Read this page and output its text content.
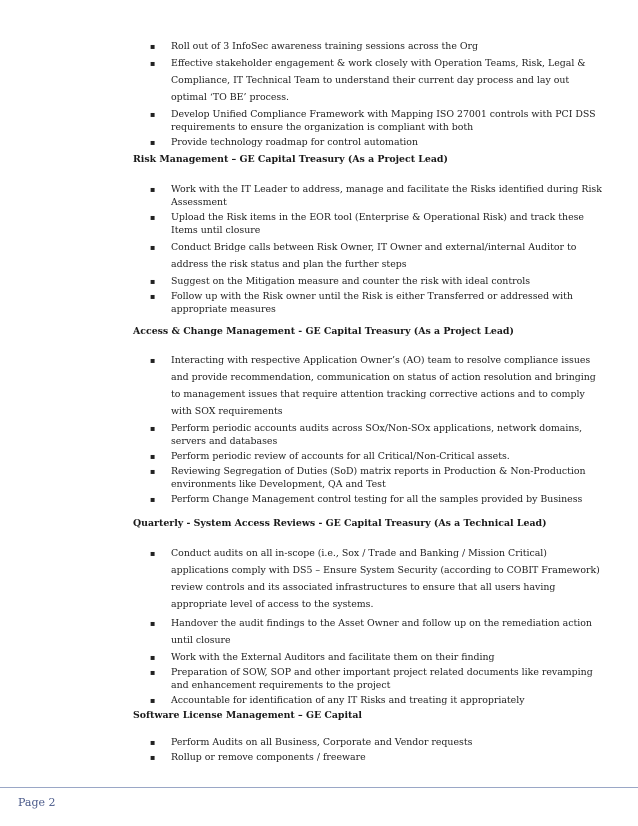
▪ Roll out of 3 InfoSec awareness training sessions across the Org
▪ Effective stakeholder engagement & work closely with Operation Teams, Risk, Legal & Compliance, IT Technical Team to understand their current day process and lay out optimal ‘TO BE’ process.
▪ Develop Unified Compliance Framework with Mapping ISO 27001 controls with PCI DSS requirements to ensure the organization is compliant with both
▪ Provide technology roadmap for control automation
Risk Management – GE Capital Treasury (As a Project Lead)
▪ Work with the IT Leader to address, manage and facilitate the Risks identified during Risk Assessment
▪ Upload the Risk items in the EOR tool (Enterprise & Operational Risk) and track these Items until closure
▪ Conduct Bridge calls between Risk Owner, IT Owner and external/internal Auditor to address the risk status and plan the further steps
▪ Suggest on the Mitigation measure and counter the risk with ideal controls
▪ Follow up with the Risk owner until the Risk is either Transferred or addressed with appropriate measures
Access & Change Management - GE Capital Treasury (As a Project Lead)
▪ Interacting with respective Application Owner’s (AO) team to resolve compliance issues and provide recommendation, communication on status of action resolution and bringing to management issues that require attention tracking corrective actions and to comply with SOX requirements
▪ Perform periodic accounts audits across SOx/Non-SOx applications, network domains, servers and databases
▪ Perform periodic review of accounts for all Critical/Non-Critical assets.
▪ Reviewing Segregation of Duties (SoD) matrix reports in Production & Non-Production environments like Development, QA and Test
▪ Perform Change Management control testing for all the samples provided by Business
Quarterly - System Access Reviews - GE Capital Treasury (As a Technical Lead)
▪ Conduct audits on all in-scope (i.e., Sox / Trade and Banking / Mission Critical) applications comply with DS5 – Ensure System Security (according to COBIT Framework) review controls and its associated infrastructures to ensure that all users having appropriate level of access to the systems.
▪ Handover the audit findings to the Asset Owner and follow up on the remediation action until closure
▪ Work with the External Auditors and facilitate them on their finding
▪ Preparation of SOW, SOP and other important project related documents like revamping and enhancement requirements to the project
▪ Accountable for identification of any IT Risks and treating it appropriately
Software License Management – GE Capital
▪ Perform Audits on all Business, Corporate and Vendor requests
▪ Rollup or remove components / freeware
Page 2
